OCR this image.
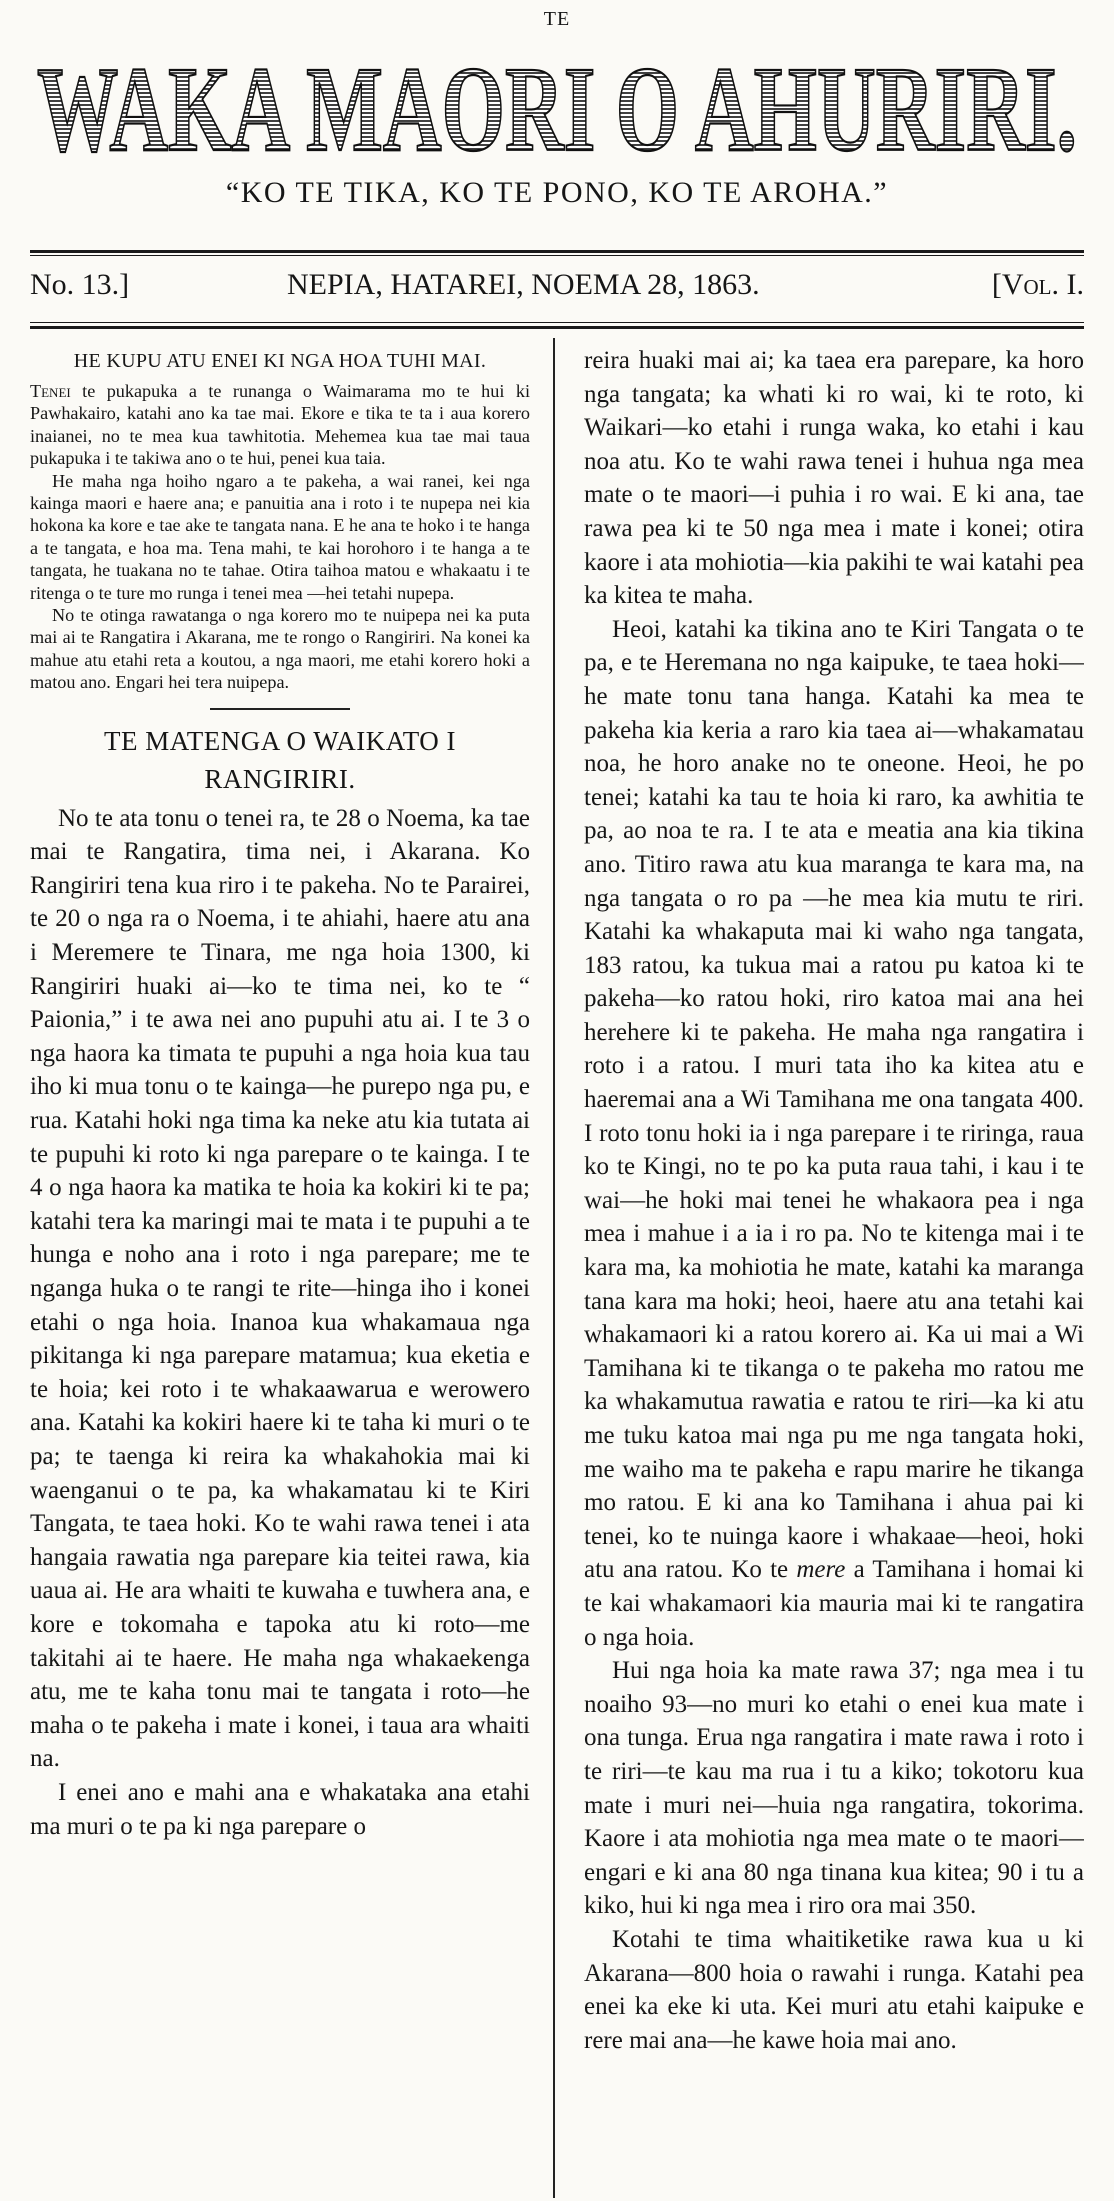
TE
WAKA MAORI O AHURIRI.
“KO TE TIKA, KO TE PONO, KO TE AROHA.”
No. 13.]	NEPIA, HATAREI, NOEMA 28, 1863.	[Vol. I.
HE KUPU ATU ENEI KI NGA HOA TUHI MAI.

Tenei te pukapuka a te runanga o Waimarama mo te hui ki Pawhakairo, katahi ano ka tae mai. Ekore e tika te ta i aua korero inaianei, no te mea kua tawhitotia. Mehemea kua tae mai taua pukapuka i te takiwa ano o te hui, penei kua taia.

He maha nga hoiho ngaro a te pakeha, a wai ranei, kei nga kainga maori e haere ana; e panuitia ana i roto i te nupepa nei kia hokona ka kore e tae ake te tangata nana. E he ana te hoko i te hanga a te tangata, e hoa ma. Tena mahi, te kai horohoro i te hanga a te tangata, he tuakana no te tahae. Otira taihoa matou e whakaatu i te ritenga o te ture mo runga i tenei mea —hei tetahi nupepa.

No te otinga rawatanga o nga korero mo te nuipepa nei ka puta mai ai te Rangatira i Akarana, me te rongo o Rangiriri. Na konei ka mahue atu etahi reta a koutou, a nga maori, me etahi korero hoki a matou ano. Engari hei tera nuipepa.

TE MATENGA O WAIKATO I RANGIRIRI.

No te ata tonu o tenei ra, te 28 o Noema, ka tae mai te Rangatira, tima nei, i Akarana. Ko Rangiriri tena kua riro i te pakeha. No te Parairei, te 20 o nga ra o Noema, i te ahiahi, haere atu ana i Meremere te Tinara, me nga hoia 1300, ki Rangiriri huaki ai—ko te tima nei, ko te “ Paionia,” i te awa nei ano pupuhi atu ai. I te 3 o nga haora ka timata te pupuhi a nga hoia kua tau iho ki mua tonu o te kainga—he purepo nga pu, e rua. Katahi hoki nga tima ka neke atu kia tutata ai te pupuhi ki roto ki nga parepare o te kainga. I te 4 o nga haora ka matika te hoia ka kokiri ki te pa; katahi tera ka maringi mai te mata i te pupuhi a te hunga e noho ana i roto i nga parepare; me te nganga huka o te rangi te rite—hinga iho i konei etahi o nga hoia. Inanoa kua whakamaua nga pikitanga ki nga parepare matamua; kua eketia e te hoia; kei roto i te whakaawarua e werowero ana. Katahi ka kokiri haere ki te taha ki muri o te pa; te taenga ki reira ka whakahokia mai ki waenganui o te pa, ka whakamatau ki te Kiri Tangata, te taea hoki. Ko te wahi rawa tenei i ata hangaia rawatia nga parepare kia teitei rawa, kia uaua ai. He ara whaiti te kuwaha e tuwhera ana, e kore e tokomaha e tapoka atu ki roto—me takitahi ai te haere. He maha nga whakaekenga atu, me te kaha tonu mai te tangata i roto—he maha o te pakeha i mate i konei, i taua ara whaiti na.

I enei ano e mahi ana e whakataka ana etahi ma muri o te pa ki nga parepare o

reira huaki mai ai; ka taea era parepare, ka horo nga tangata; ka whati ki ro wai, ki te roto, ki Waikari—ko etahi i runga waka, ko etahi i kau noa atu. Ko te wahi rawa tenei i huhua nga mea mate o te maori—i puhia i ro wai. E ki ana, tae rawa pea ki te 50 nga mea i mate i konei; otira kaore i ata mohiotia—kia pakihi te wai katahi pea ka kitea te maha.

Heoi, katahi ka tikina ano te Kiri Tangata o te pa, e te Heremana no nga kaipuke, te taea hoki—he mate tonu tana hanga. Katahi ka mea te pakeha kia keria a raro kia taea ai—whakamatau noa, he horo anake no te oneone. Heoi, he po tenei; katahi ka tau te hoia ki raro, ka awhitia te pa, ao noa te ra. I te ata e meatia ana kia tikina ano. Titiro rawa atu kua maranga te kara ma, na nga tangata o ro pa —he mea kia mutu te riri. Katahi ka whakaputa mai ki waho nga tangata, 183 ratou, ka tukua mai a ratou pu katoa ki te pakeha—ko ratou hoki, riro katoa mai ana hei herehere ki te pakeha. He maha nga rangatira i roto i a ratou. I muri tata iho ka kitea atu e haeremai ana a Wi Tamihana me ona tangata 400. I roto tonu hoki ia i nga parepare i te riringa, raua ko te Kingi, no te po ka puta raua tahi, i kau i te wai—he hoki mai tenei he whakaora pea i nga mea i mahue i a ia i ro pa. No te kitenga mai i te kara ma, ka mohiotia he mate, katahi ka maranga tana kara ma hoki; heoi, haere atu ana tetahi kai whakamaori ki a ratou korero ai. Ka ui mai a Wi Tamihana ki te tikanga o te pakeha mo ratou me ka whakamutua rawatia e ratou te riri—ka ki atu me tuku katoa mai nga pu me nga tangata hoki, me waiho ma te pakeha e rapu marire he tikanga mo ratou. E ki ana ko Tamihana i ahua pai ki tenei, ko te nuinga kaore i whakaae—heoi, hoki atu ana ratou. Ko te mere a Tamihana i homai ki te kai whakamaori kia mauria mai ki te rangatira o nga hoia.

Hui nga hoia ka mate rawa 37; nga mea i tu noaiho 93—no muri ko etahi o enei kua mate i ona tunga. Erua nga rangatira i mate rawa i roto i te riri—te kau ma rua i tu a kiko; tokotoru kua mate i muri nei—huia nga rangatira, tokorima. Kaore i ata mohiotia nga mea mate o te maori—engari e ki ana 80 nga tinana kua kitea; 90 i tu a kiko, hui ki nga mea i riro ora mai 350.

Kotahi te tima whaitiketike rawa kua u ki Akarana—800 hoia o rawahi i runga. Katahi pea enei ka eke ki uta. Kei muri atu etahi kaipuke e rere mai ana—he kawe hoia mai ano.
